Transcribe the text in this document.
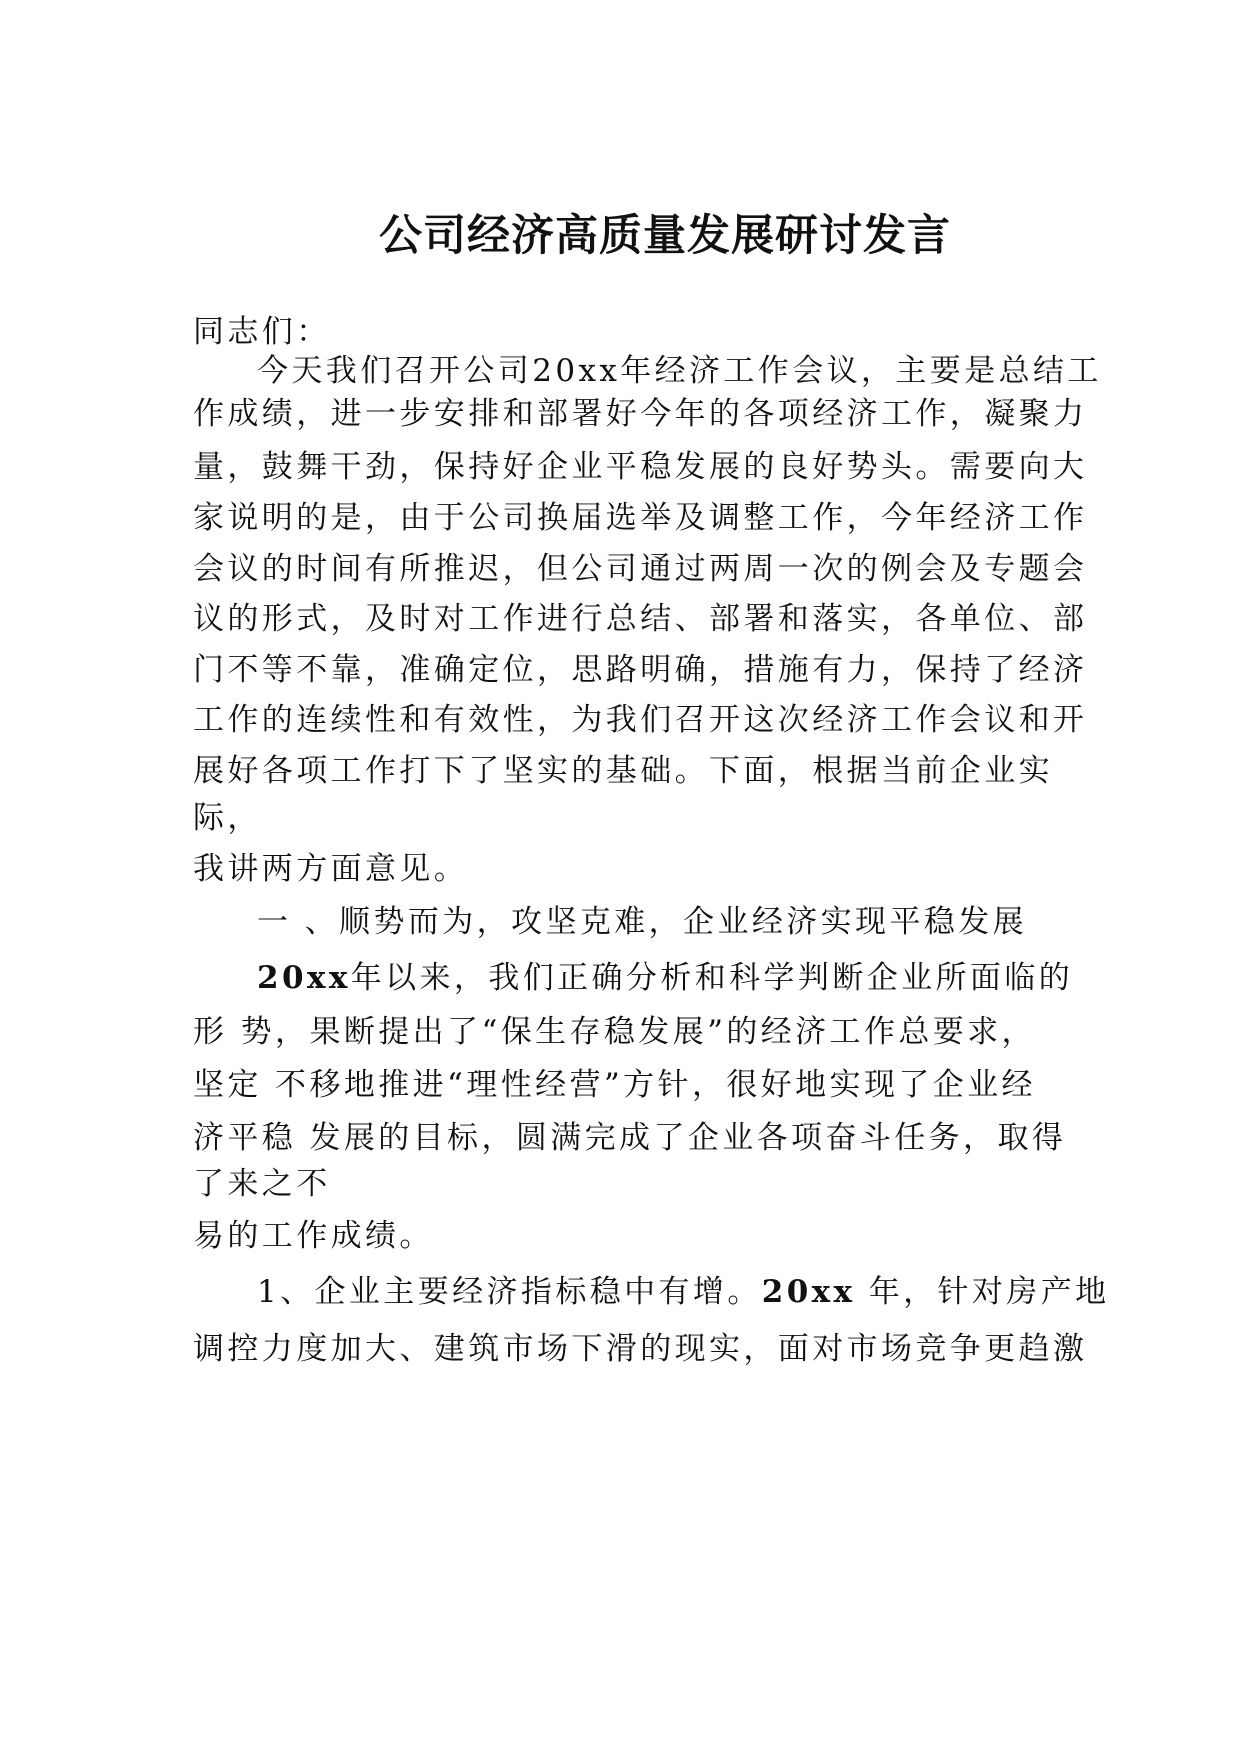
公司经济高质量发展研讨发言
同志们：
今天我们召开公司20xx年经济工作会议，主要是总结工
作成绩，进一步安排和部署好今年的各项经济工作，凝聚力
量，鼓舞干劲，保持好企业平稳发展的良好势头。需要向大
家说明的是，由于公司换届选举及调整工作，今年经济工作
会议的时间有所推迟，但公司通过两周一次的例会及专题会
议的形式，及时对工作进行总结、部署和落实，各单位、部
门不等不靠，准确定位，思路明确，措施有力，保持了经济
工作的连续性和有效性，为我们召开这次经济工作会议和开
展好各项工作打下了坚实的基础。下面，根据当前企业实
际，
我讲两方面意见。
一 、顺势而为，攻坚克难，企业经济实现平稳发展
20xx年以来，我们正确分析和科学判断企业所面临的
形 势，果断提出了“保生存稳发展”的经济工作总要求，
坚定 不移地推进“理性经营”方针，很好地实现了企业经
济平稳 发展的目标，圆满完成了企业各项奋斗任务，取得
了来之不
易的工作成绩。
1、企业主要经济指标稳中有增。20xx 年，针对房产地
调控力度加大、建筑市场下滑的现实，面对市场竞争更趋激
